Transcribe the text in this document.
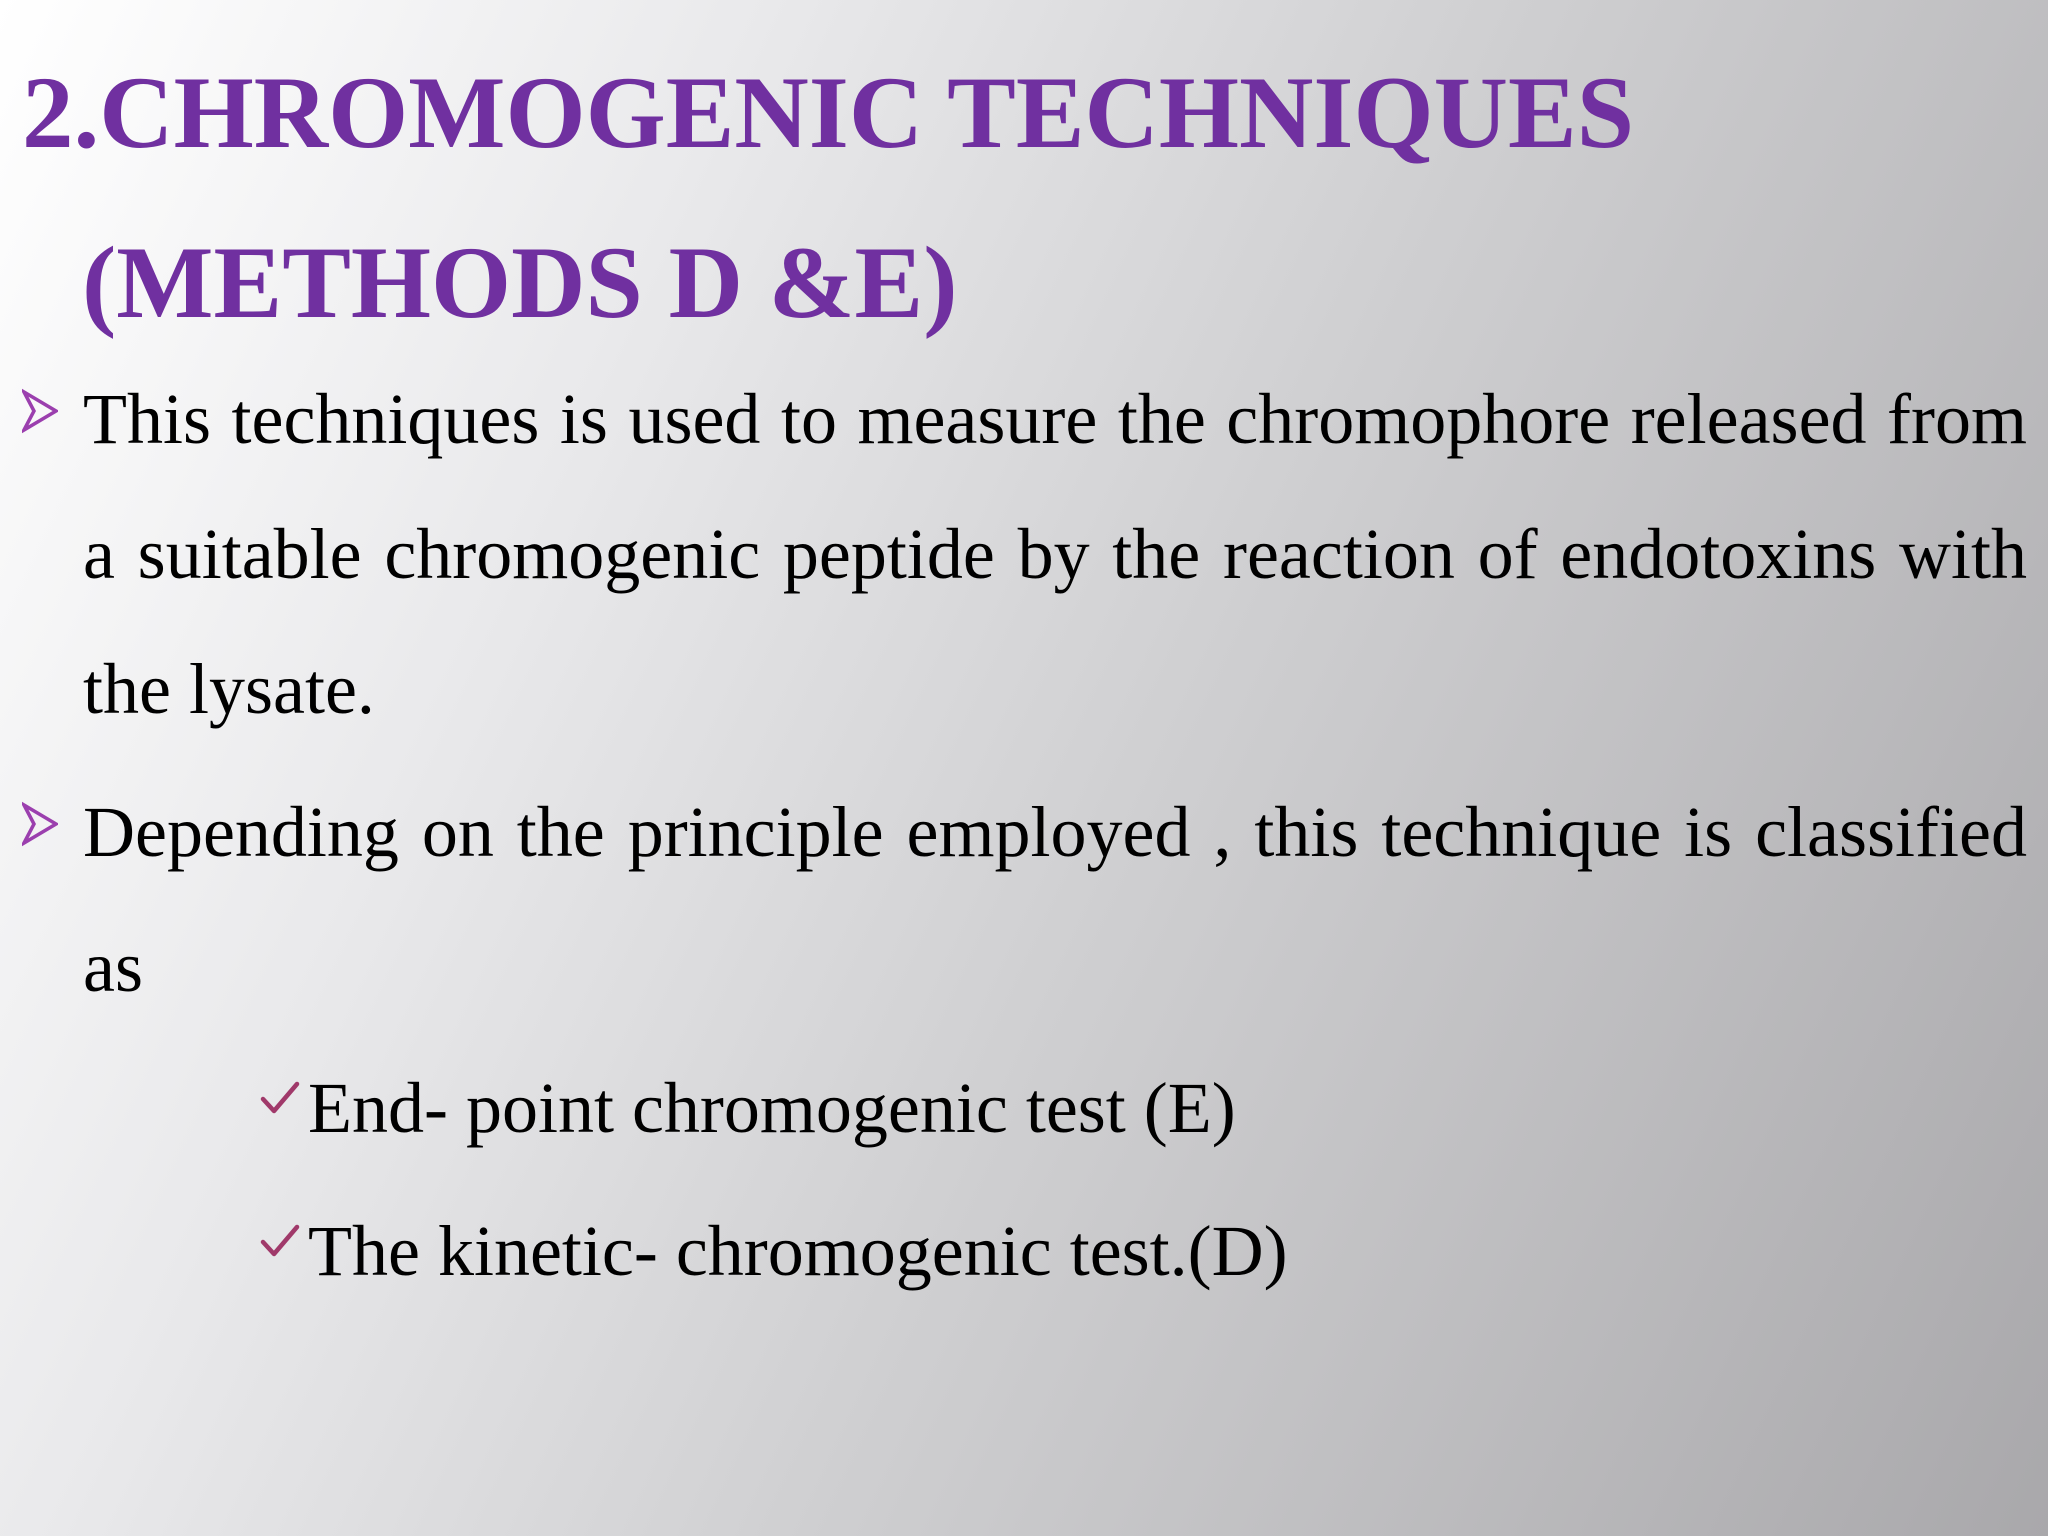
2.CHROMOGENIC TECHNIQUES
(METHODS D &E)
This techniques is used to measure the chromophore released from a suitable chromogenic peptide by the reaction of endotoxins with the lysate.
Depending on the principle employed , this technique is classified as
End- point chromogenic test (E)
The kinetic- chromogenic test.(D)
